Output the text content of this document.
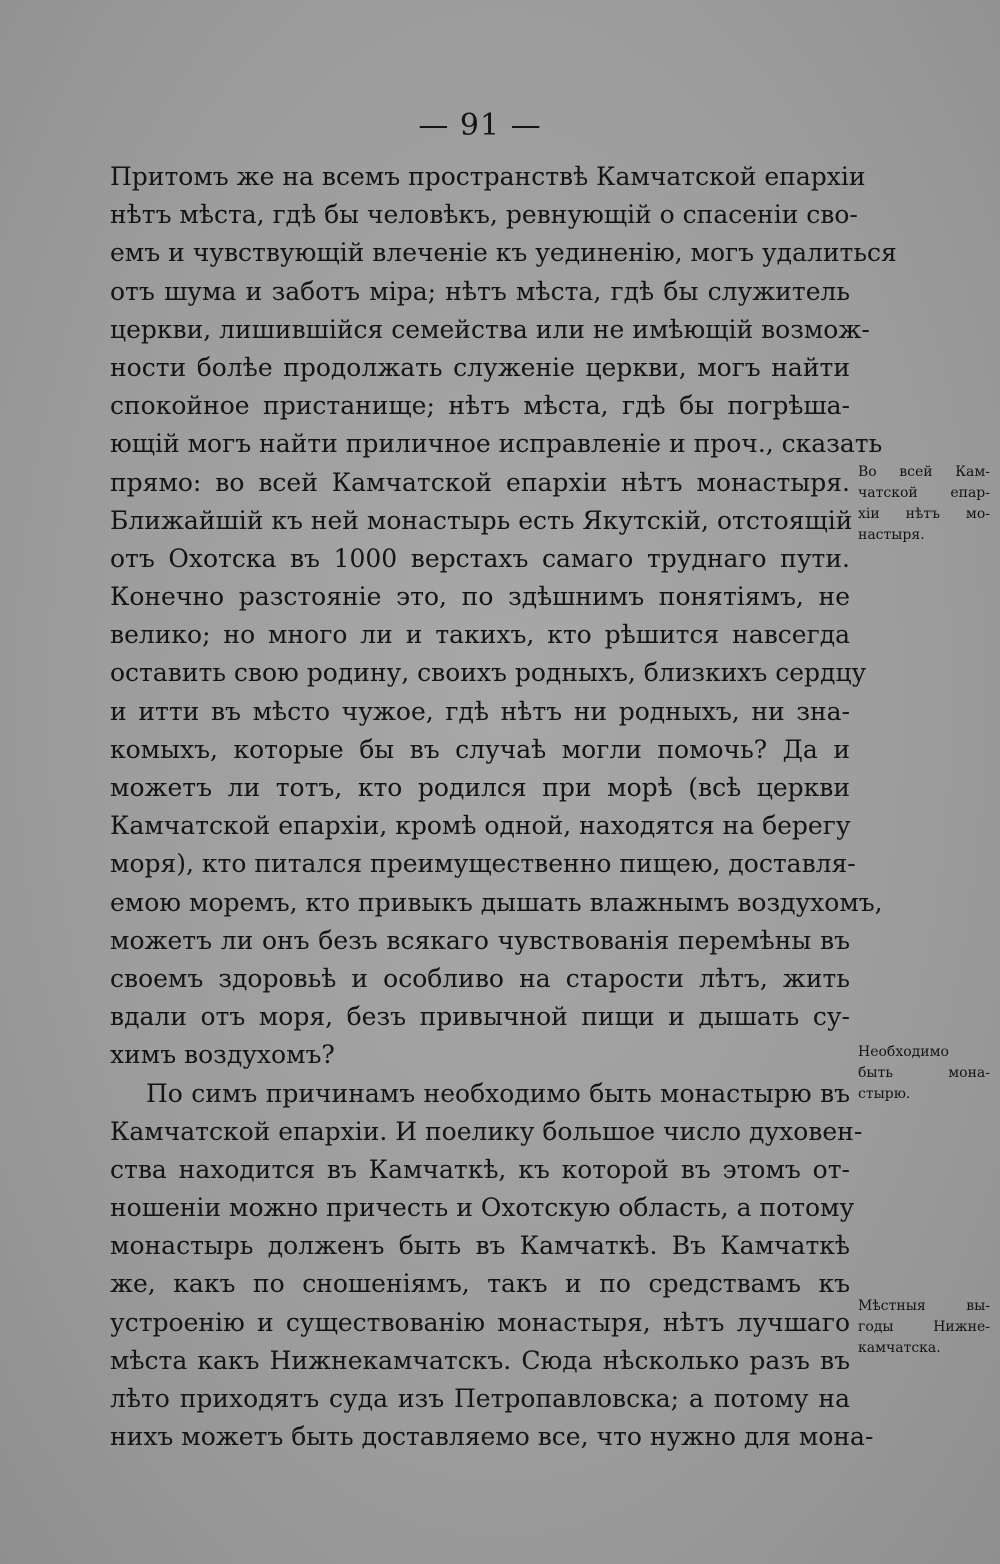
— 91 —
Притомъ же на всемъ пространствѣ Камчатской епархіи
нѣтъ мѣста, гдѣ бы человѣкъ, ревнующій о спасеніи сво-
емъ и чувствующій влеченіе къ уединенію, могъ удалиться
отъ шума и заботъ міра; нѣтъ мѣста, гдѣ бы служитель
церкви, лишившійся семейства или не имѣющій возмож-
ности болѣе продолжать служеніе церкви, могъ найти
спокойное пристанище; нѣтъ мѣста, гдѣ бы погрѣша-
ющій могъ найти приличное исправленіе и проч., сказать
прямо: во всей Камчатской епархіи нѣтъ монастыря.
Ближайшій къ ней монастырь есть Якутскій, отстоящій
отъ Охотска въ 1000 верстахъ самаго труднаго пути.
Конечно разстояніе это, по здѣшнимъ понятіямъ, не
велико; но много ли и такихъ, кто рѣшится навсегда
оставить свою родину, своихъ родныхъ, близкихъ сердцу
и итти въ мѣсто чужое, гдѣ нѣтъ ни родныхъ, ни зна-
комыхъ, которые бы въ случаѣ могли помочь? Да и
можетъ ли тотъ, кто родился при морѣ (всѣ церкви
Камчатской епархіи, кромѣ одной, находятся на берегу
моря), кто питался преимущественно пищею, доставля-
емою моремъ, кто привыкъ дышать влажнымъ воздухомъ,
можетъ ли онъ безъ всякаго чувствованія перемѣны въ
своемъ здоровьѣ и особливо на старости лѣтъ, жить
вдали отъ моря, безъ привычной пищи и дышать су-
химъ воздухомъ?
По симъ причинамъ необходимо быть монастырю въ
Камчатской епархіи. И поелику большое число духовен-
ства находится въ Камчаткѣ, къ которой въ этомъ от-
ношеніи можно причесть и Охотскую область, а потому
монастырь долженъ быть въ Камчаткѣ. Въ Камчаткѣ
же, какъ по сношеніямъ, такъ и по средствамъ къ
устроенію и существованію монастыря, нѣтъ лучшаго
мѣста какъ Нижнекамчатскъ. Сюда нѣсколько разъ въ
лѣто приходятъ суда изъ Петропавловска; а потому на
нихъ можетъ быть доставляемо все, что нужно для мона-
Во всей Кам-
чатской епар-
хіи нѣтъ мо-
настыря.
Необходимо
быть мона-
стырю.
Мѣстныя вы-
годы Нижне-
камчатска.
